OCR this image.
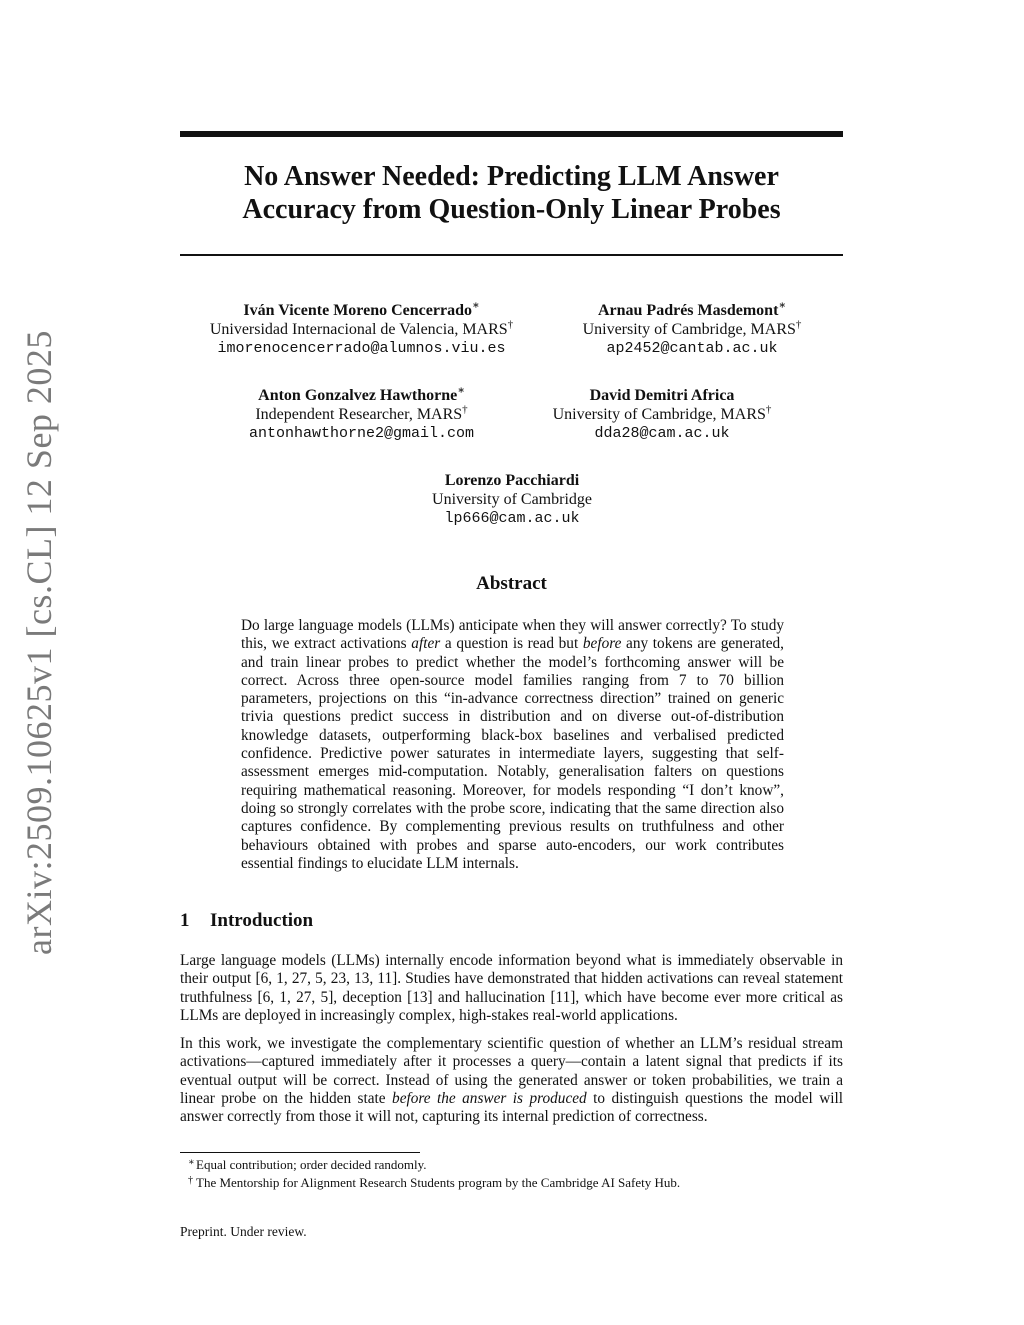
arXiv:2509.10625v1 [cs.CL] 12 Sep 2025
No Answer Needed: Predicting LLM Answer
Accuracy from Question-Only Linear Probes
Iván Vicente Moreno Cencerrado∗
Universidad Internacional de Valencia, MARS†
imorenocencerrado@alumnos.viu.es
Arnau Padrés Masdemont∗
University of Cambridge, MARS†
ap2452@cantab.ac.uk
Anton Gonzalvez Hawthorne∗
Independent Researcher, MARS†
antonhawthorne2@gmail.com
David Demitri Africa
University of Cambridge, MARS†
dda28@cam.ac.uk
Lorenzo Pacchiardi
University of Cambridge
lp666@cam.ac.uk
Abstract
Do large language models (LLMs) anticipate when they will answer correctly? To study this, we extract activations after a question is read but before any tokens are generated, and train linear probes to predict whether the model’s forthcoming answer will be correct. Across three open-source model families ranging from 7 to 70 billion parameters, projections on this “in-advance correctness direction” trained on generic trivia questions predict success in distribution and on diverse out-of-distribution knowledge datasets, outperforming black-box baselines and verbalised predicted confidence. Predictive power saturates in intermediate layers, suggesting that self-assessment emerges mid-computation. Notably, generalisation falters on questions requiring mathematical reasoning. Moreover, for models responding “I don’t know”, doing so strongly correlates with the probe score, indicating that the same direction also captures confidence. By complementing previous results on truthfulness and other behaviours obtained with probes and sparse auto-encoders, our work contributes essential findings to elucidate LLM internals.
1 Introduction
Large language models (LLMs) internally encode information beyond what is immediately observable in their output [6, 1, 27, 5, 23, 13, 11]. Studies have demonstrated that hidden activations can reveal statement truthfulness [6, 1, 27, 5], deception [13] and hallucination [11], which have become ever more critical as LLMs are deployed in increasingly complex, high-stakes real-world applications.
In this work, we investigate the complementary scientific question of whether an LLM’s residual stream activations—captured immediately after it processes a query—contain a latent signal that predicts if its eventual output will be correct. Instead of using the generated answer or token probabilities, we train a linear probe on the hidden state before the answer is produced to distinguish questions the model will answer correctly from those it will not, capturing its internal prediction of correctness.
∗ Equal contribution; order decided randomly.
† The Mentorship for Alignment Research Students program by the Cambridge AI Safety Hub.
Preprint. Under review.
